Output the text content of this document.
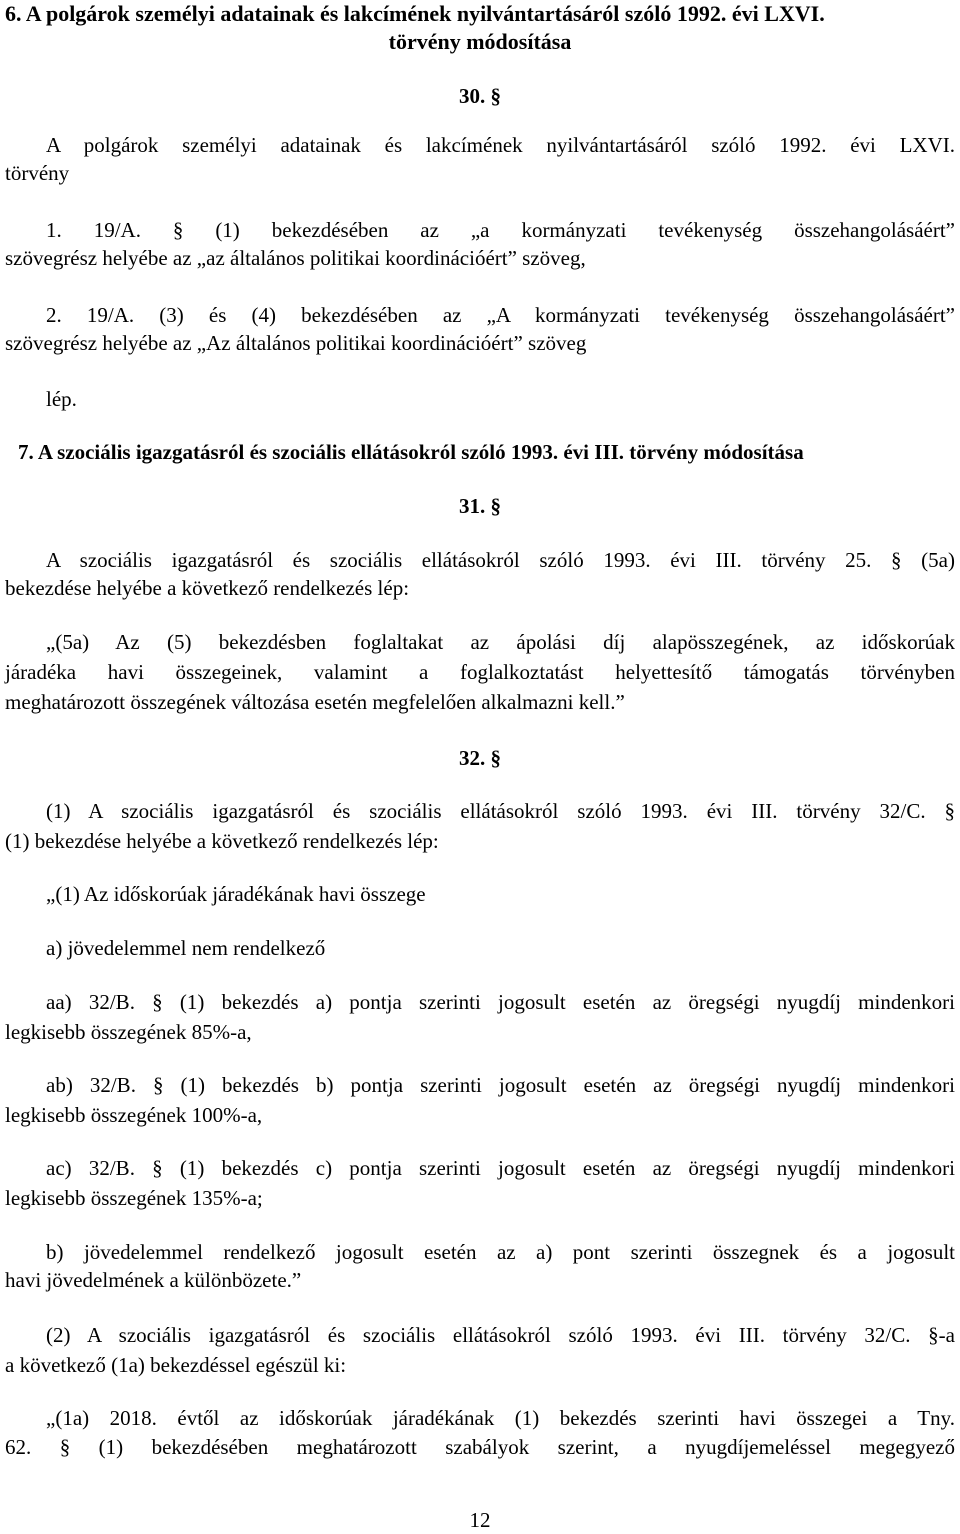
6. A polgárok személyi adatainak és lakcímének nyilvántartásáról szóló 1992. évi LXVI.
törvény módosítása
30. §
A polgárok személyi adatainak és lakcímének nyilvántartásáról szóló 1992. évi LXVI.
törvény
1. 19/A. § (1) bekezdésében az „a kormányzati tevékenység összehangolásáért”
szövegrész helyébe az „az általános politikai koordinációért” szöveg,
2. 19/A. (3) és (4) bekezdésében az „A kormányzati tevékenység összehangolásáért”
szövegrész helyébe az „Az általános politikai koordinációért” szöveg
lép.
7. A szociális igazgatásról és szociális ellátásokról szóló 1993. évi III. törvény módosítása
31. §
A szociális igazgatásról és szociális ellátásokról szóló 1993. évi III. törvény 25. § (5a)
bekezdése helyébe a következő rendelkezés lép:
„(5a) Az (5) bekezdésben foglaltakat az ápolási díj alapösszegének, az időskorúak
járadéka havi összegeinek, valamint a foglalkoztatást helyettesítő támogatás törvényben
meghatározott összegének változása esetén megfelelően alkalmazni kell.”
32. §
(1) A szociális igazgatásról és szociális ellátásokról szóló 1993. évi III. törvény 32/C. §
(1) bekezdése helyébe a következő rendelkezés lép:
„(1) Az időskorúak járadékának havi összege
a) jövedelemmel nem rendelkező
aa) 32/B. § (1) bekezdés a) pontja szerinti jogosult esetén az öregségi nyugdíj mindenkori
legkisebb összegének 85%-a,
ab) 32/B. § (1) bekezdés b) pontja szerinti jogosult esetén az öregségi nyugdíj mindenkori
legkisebb összegének 100%-a,
ac) 32/B. § (1) bekezdés c) pontja szerinti jogosult esetén az öregségi nyugdíj mindenkori
legkisebb összegének 135%-a;
b) jövedelemmel rendelkező jogosult esetén az a) pont szerinti összegnek és a jogosult
havi jövedelmének a különbözete.”
(2) A szociális igazgatásról és szociális ellátásokról szóló 1993. évi III. törvény 32/C. §-a
a következő (1a) bekezdéssel egészül ki:
„(1a) 2018. évtől az időskorúak járadékának (1) bekezdés szerinti havi összegei a Tny.
62. § (1) bekezdésében meghatározott szabályok szerint, a nyugdíjemeléssel megegyező
12
